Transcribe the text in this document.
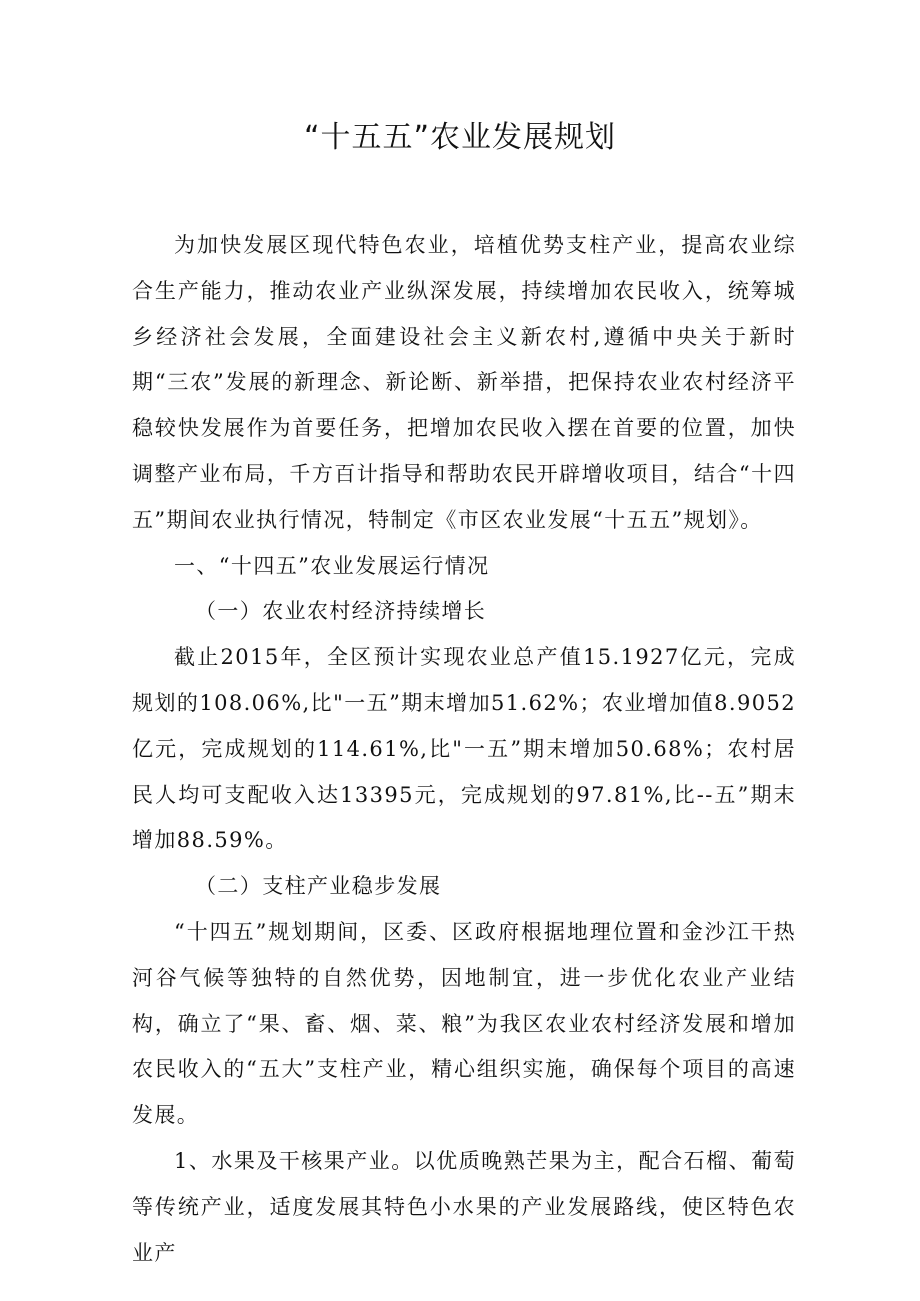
“十五五”农业发展规划

为加快发展区现代特色农业，培植优势支柱产业，提高农业综合生产能力，推动农业产业纵深发展，持续增加农民收入，统筹城乡经济社会发展，全面建设社会主义新农村,遵循中央关于新时期“三农”发展的新理念、新论断、新举措，把保持农业农村经济平稳较快发展作为首要任务，把增加农民收入摆在首要的位置，加快调整产业布局，千方百计指导和帮助农民开辟增收项目，结合“十四五”期间农业执行情况，特制定《市区农业发展“十五五”规划》。

一、“十四五”农业发展运行情况

（一）农业农村经济持续增长

截止2015年，全区预计实现农业总产值15.1927亿元，完成规划的108.06%,比"一五”期末增加51.62%；农业增加值8.9052亿元，完成规划的114.61%,比"一五”期末增加50.68%；农村居民人均可支配收入达13395元，完成规划的97.81%,比--五”期末增加88.59%。

（二）支柱产业稳步发展

“十四五”规划期间，区委、区政府根据地理位置和金沙江干热河谷气候等独特的自然优势，因地制宜，进一步优化农业产业结构，确立了“果、畜、烟、菜、粮”为我区农业农村经济发展和增加农民收入的“五大”支柱产业，精心组织实施，确保每个项目的高速发展。

1、水果及干核果产业。以优质晚熟芒果为主，配合石榴、葡萄等传统产业，适度发展其特色小水果的产业发展路线，使区特色农业产
